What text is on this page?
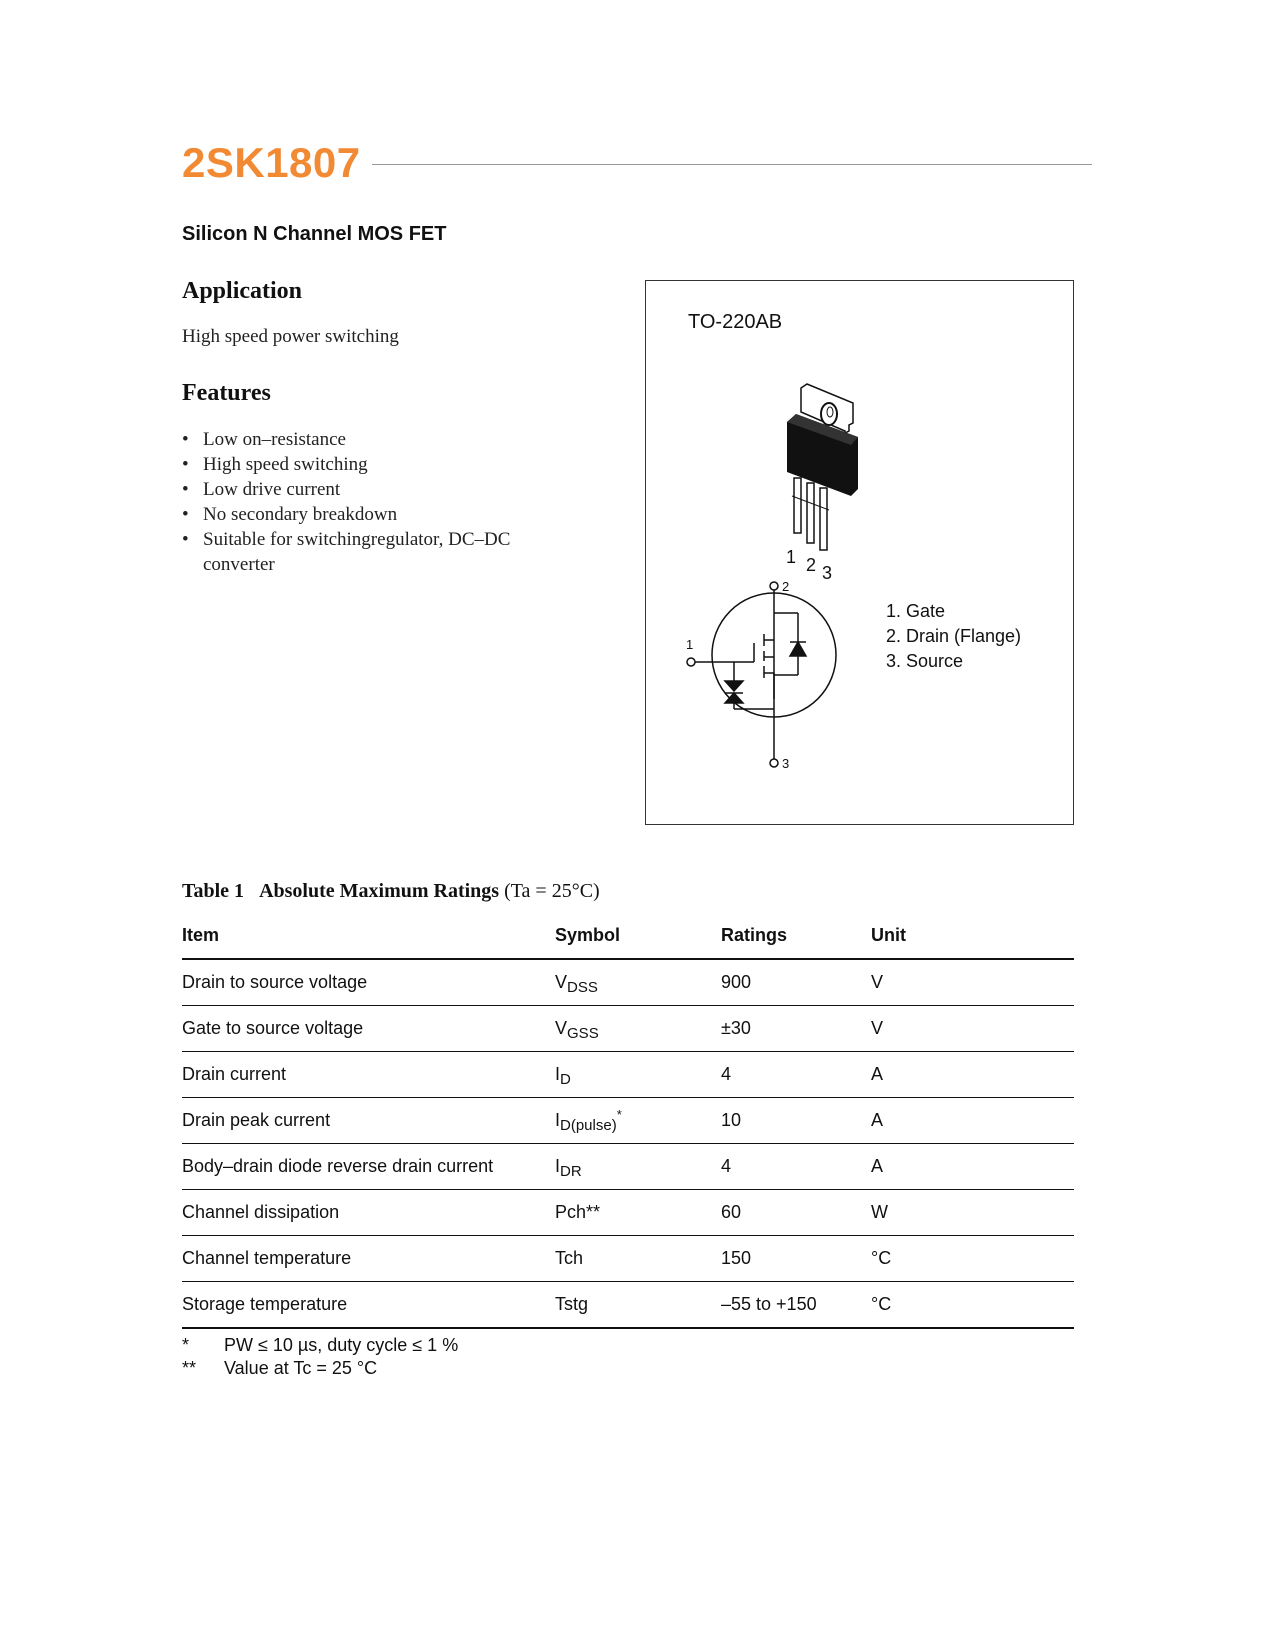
2SK1807
Silicon N Channel MOS FET
Application
High speed power switching
Features
• Low on–resistance
• High speed switching
• Low drive current
• No secondary breakdown
• Suitable for switchingregulator, DC–DC converter	1 2 3
1
2
3
TO-220AB
1. Gate
2. Drain (Flange)
3. Source
Table 1 Absolute Maximum Ratings (Ta = 25°C)
Item	Symbol	Ratings	Unit
Drain to source voltage	$V_{DSS}$	900	V
Gate to source voltage	$V_{GSS}$	±30	V
Drain current	$I_D$	4	A
Drain peak current	$I_{D(pulse)}^*$	10	A
Body–drain diode reverse drain current	$I_{DR}$	4	A
Channel dissipation	Pch**	60	W
Channel temperature	Tch	150	°C
Storage temperature	Tstg	–55 to +150	°C
*	PW ≤ 10 µs, duty cycle ≤ 1 %
**	Value at Tc = 25 °C
